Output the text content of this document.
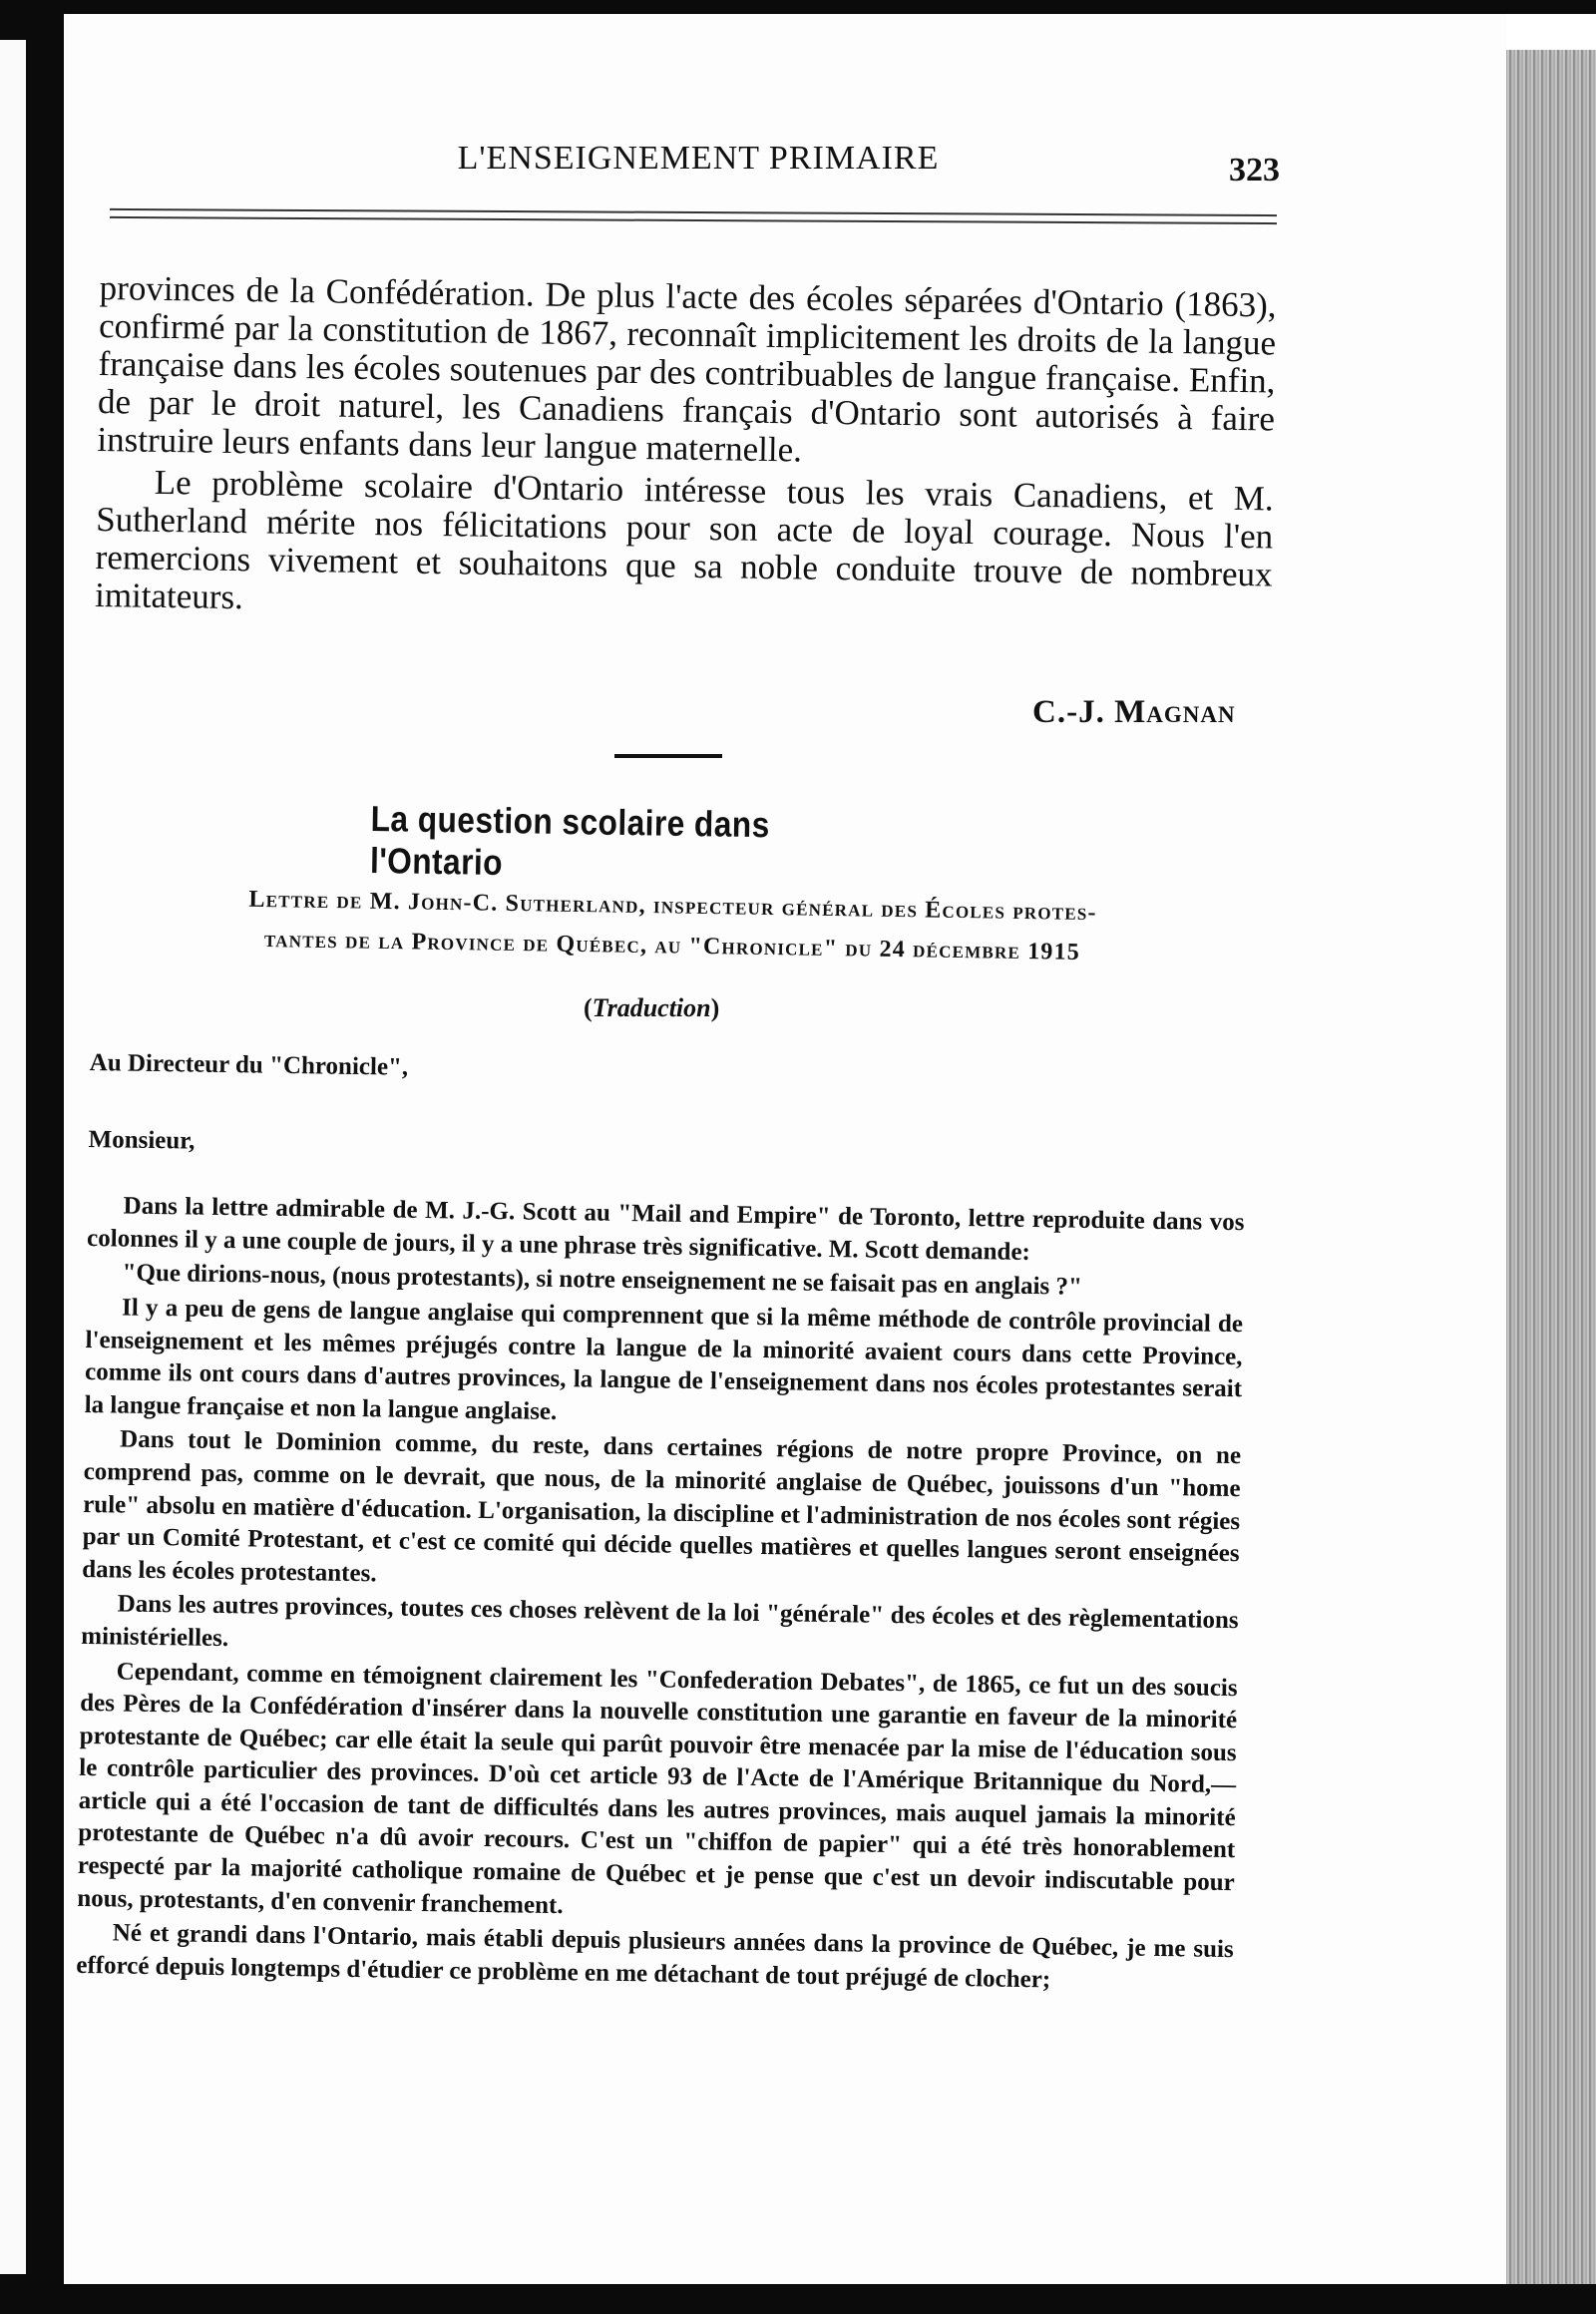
L'ENSEIGNEMENT PRIMAIRE	323

provinces de la Confédération. De plus l'acte des écoles séparées d'Ontario (1863), confirmé par la constitution de 1867, reconnaît implicitement les droits de la langue française dans les écoles soutenues par des contribuables de langue française. Enfin, de par le droit naturel, les Canadiens français d'Ontario sont autorisés à faire instruire leurs enfants dans leur langue maternelle.

Le problème scolaire d'Ontario intéresse tous les vrais Canadiens, et M. Sutherland mérite nos félicitations pour son acte de loyal courage. Nous l'en remercions vivement et souhaitons que sa noble conduite trouve de nombreux imitateurs.

C.-J. Magnan
La question scolaire dans l'Ontario
Lettre de M. John-C. Sutherland, inspecteur général des Écoles protes-
tantes de la Province de Québec, au "Chronicle" du 24 décembre 1915
(Traduction)

Au Directeur du "Chronicle",

Monsieur,

Dans la lettre admirable de M. J.-G. Scott au "Mail and Empire" de Toronto, lettre reproduite dans vos colonnes il y a une couple de jours, il y a une phrase très significative. M. Scott demande:

"Que dirions-nous, (nous protestants), si notre enseignement ne se faisait pas en anglais ?"

Il y a peu de gens de langue anglaise qui comprennent que si la même méthode de contrôle provincial de l'enseignement et les mêmes préjugés contre la langue de la minorité avaient cours dans cette Province, comme ils ont cours dans d'autres provinces, la langue de l'enseignement dans nos écoles protestantes serait la langue française et non la langue anglaise.

Dans tout le Dominion comme, du reste, dans certaines régions de notre propre Province, on ne comprend pas, comme on le devrait, que nous, de la minorité anglaise de Québec, jouissons d'un "home rule" absolu en matière d'éducation. L'organisation, la discipline et l'administration de nos écoles sont régies par un Comité Protestant, et c'est ce comité qui décide quelles matières et quelles langues seront enseignées dans les écoles protestantes.

Dans les autres provinces, toutes ces choses relèvent de la loi "générale" des écoles et des règlementations ministérielles.

Cependant, comme en témoignent clairement les "Confederation Debates", de 1865, ce fut un des soucis des Pères de la Confédération d'insérer dans la nouvelle constitution une garantie en faveur de la minorité protestante de Québec; car elle était la seule qui parût pouvoir être menacée par la mise de l'éducation sous le contrôle particulier des provinces. D'où cet article 93 de l'Acte de l'Amérique Britannique du Nord,—article qui a été l'occasion de tant de difficultés dans les autres provinces, mais auquel jamais la minorité protestante de Québec n'a dû avoir recours. C'est un "chiffon de papier" qui a été très honorablement respecté par la majorité catholique romaine de Québec et je pense que c'est un devoir indiscutable pour nous, protestants, d'en convenir franchement.

Né et grandi dans l'Ontario, mais établi depuis plusieurs années dans la province de Québec, je me suis efforcé depuis longtemps d'étudier ce problème en me détachant de tout préjugé de clocher;
